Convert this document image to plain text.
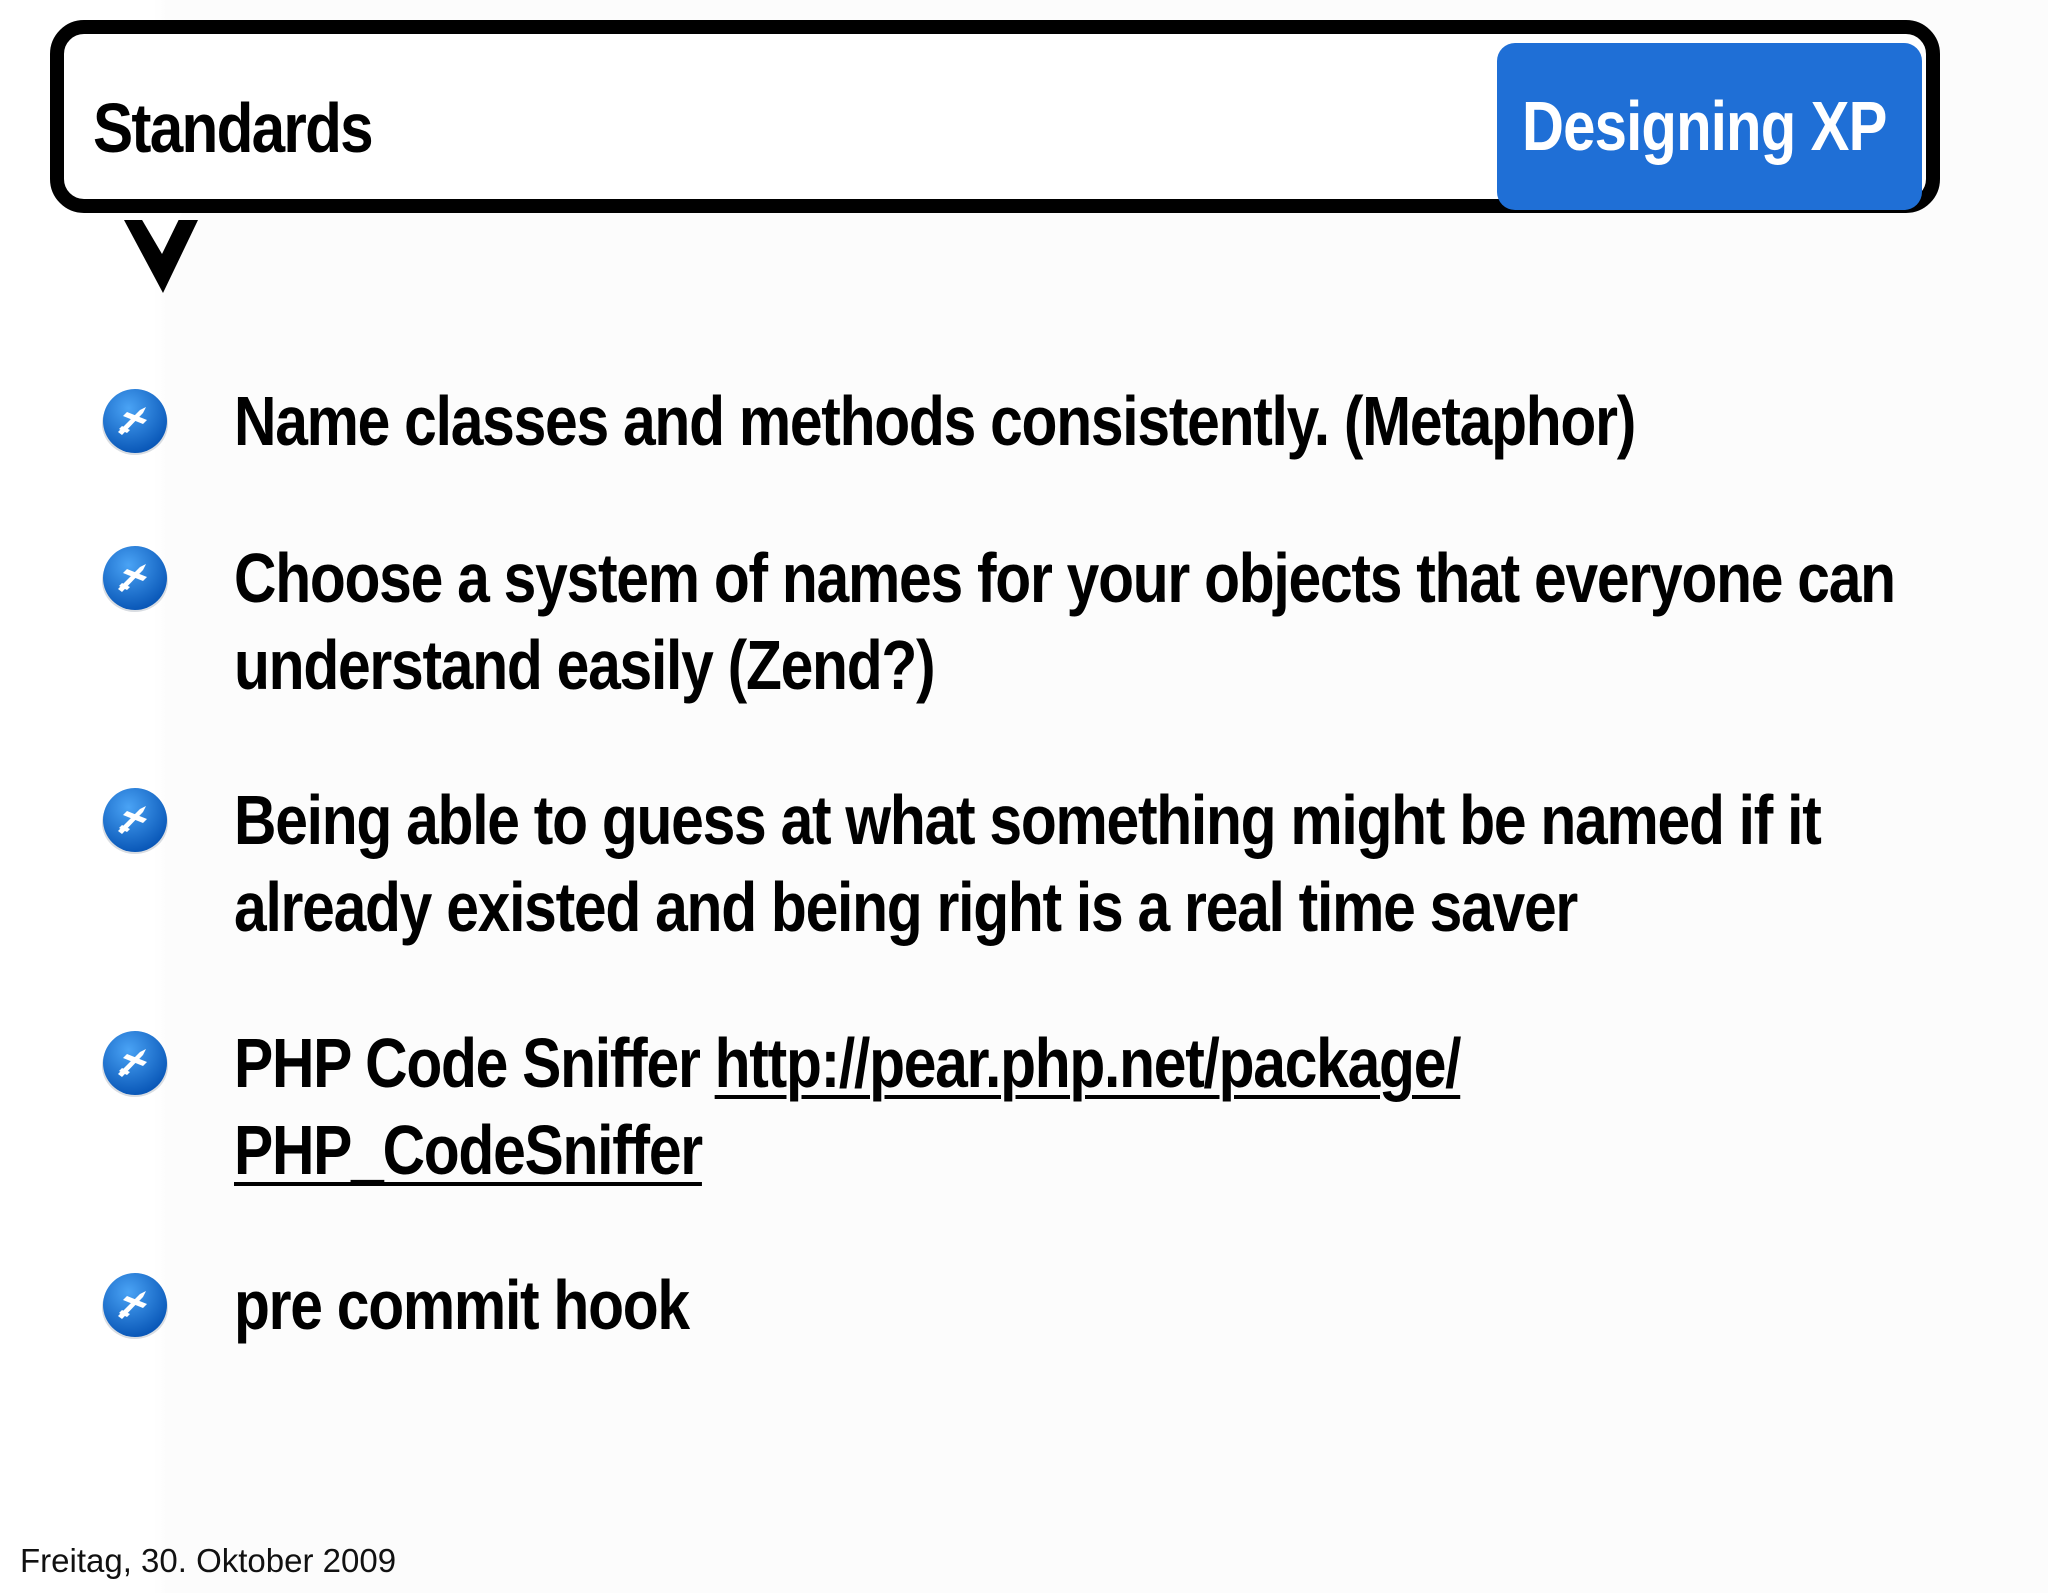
Standards	Designing XP
Name classes and methods consistently. (Metaphor)
Choose a system of names for your objects that everyone can
understand easily (Zend?)
Being able to guess at what something might be named if it
already existed and being right is a real time saver
PHP Code Sniffer http://pear.php.net/package/
PHP_CodeSniffer
pre commit hook
Freitag, 30. Oktober 2009
